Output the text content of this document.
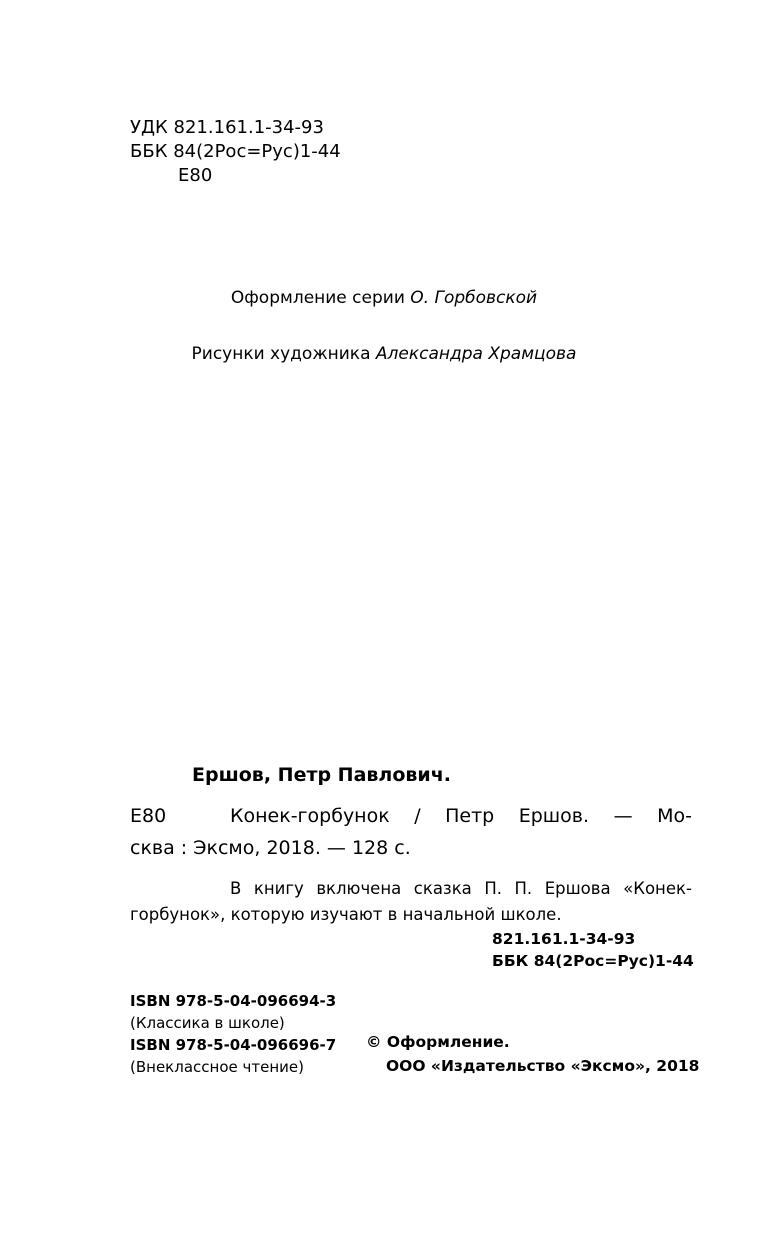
УДК 821.161.1-34-93
ББК 84(2Рос=Рус)1-44
Е80
Оформление серии О. Горбовской
Рисунки художника Александра Храмцова
Ершов, Петр Павлович.
Е80	Конек-горбунок / Петр Ершов. — Мо-
сква : Эксмо, 2018. — 128 с.
В книгу включена сказка П. П. Ершова «Конек-
горбунок», которую изучают в начальной школе.
821.161.1-34-93
ББК 84(2Рос=Рус)1-44
ISBN 978-5-04-096694-3
(Классика в школе)
ISBN 978-5-04-096696-7
(Внеклассное чтение)
© Оформление.
ООО «Издательство «Эксмо», 2018
